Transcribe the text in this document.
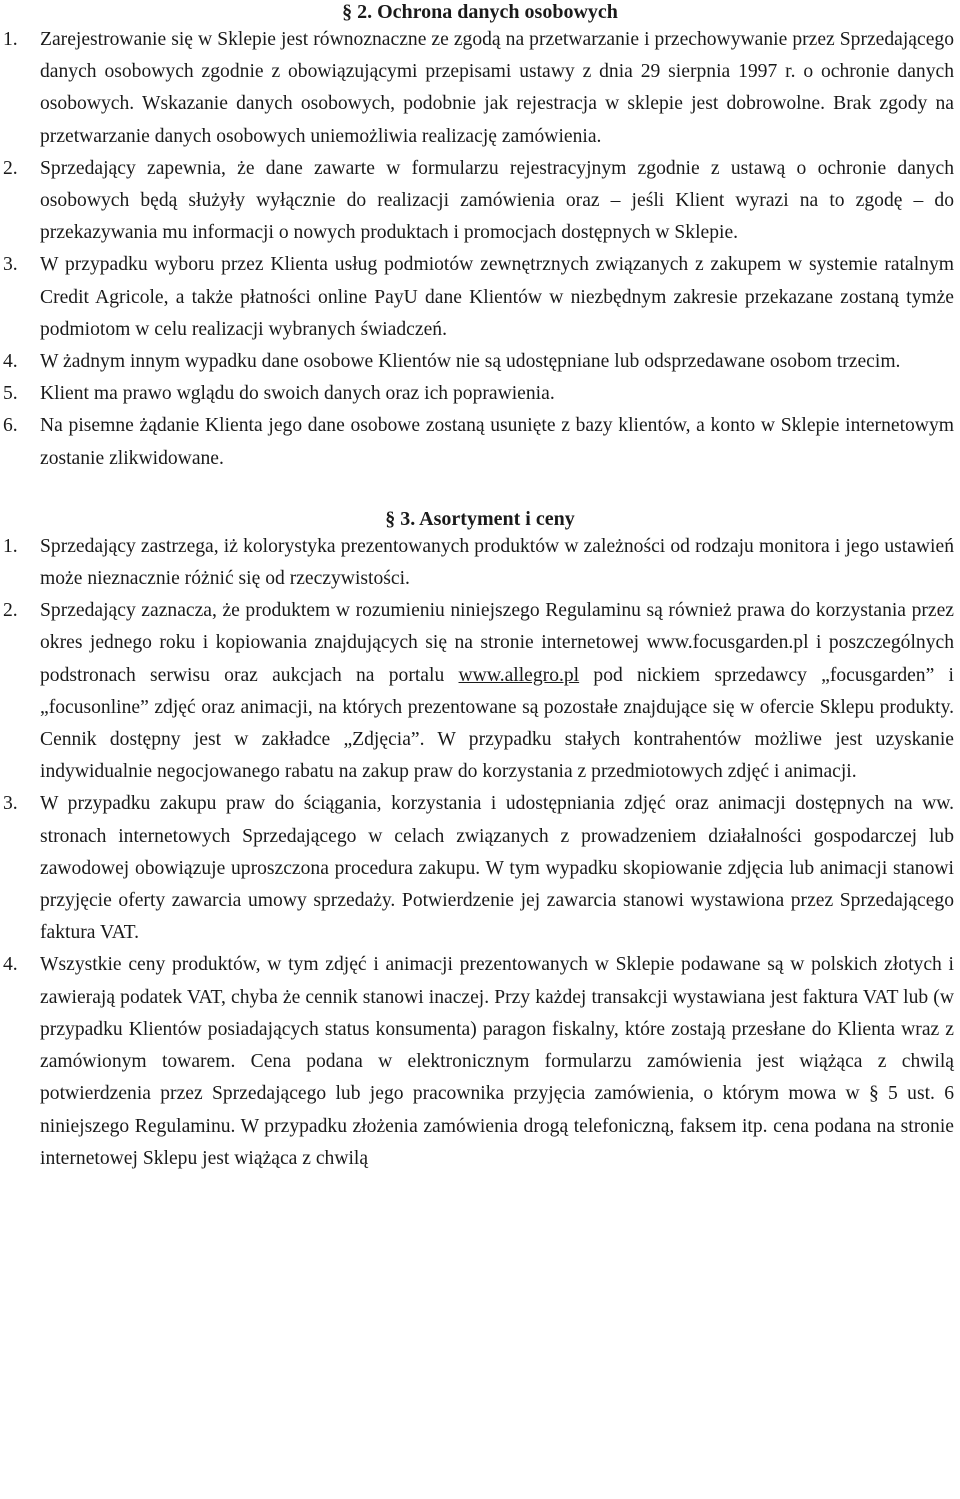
§ 2. Ochrona danych osobowych
1. Zarejestrowanie się w Sklepie jest równoznaczne ze zgodą na przetwarzanie i przechowywanie przez Sprzedającego danych osobowych zgodnie z obowiązującymi przepisami ustawy z dnia 29 sierpnia 1997 r. o ochronie danych osobowych. Wskazanie danych osobowych, podobnie jak rejestracja w sklepie jest dobrowolne. Brak zgody na przetwarzanie danych osobowych uniemożliwia realizację zamówienia.
2. Sprzedający zapewnia, że dane zawarte w formularzu rejestracyjnym zgodnie z ustawą o ochronie danych osobowych będą służyły wyłącznie do realizacji zamówienia oraz – jeśli Klient wyrazi na to zgodę – do przekazywania mu informacji o nowych produktach i promocjach dostępnych w Sklepie.
3. W przypadku wyboru przez Klienta usług podmiotów zewnętrznych związanych z zakupem w systemie ratalnym Credit Agricole, a także płatności online PayU dane Klientów w niezbędnym zakresie przekazane zostaną tymże podmiotom w celu realizacji wybranych świadczeń.
4. W żadnym innym wypadku dane osobowe Klientów nie są udostępniane lub odsprzedawane osobom trzecim.
5. Klient ma prawo wglądu do swoich danych oraz ich poprawienia.
6. Na pisemne żądanie Klienta jego dane osobowe zostaną usunięte z bazy klientów, a konto w Sklepie internetowym zostanie zlikwidowane.
§ 3. Asortyment i ceny
1. Sprzedający zastrzega, iż kolorystyka prezentowanych produktów w zależności od rodzaju monitora i jego ustawień może nieznacznie różnić się od rzeczywistości.
2. Sprzedający zaznacza, że produktem w rozumieniu niniejszego Regulaminu są również prawa do korzystania przez okres jednego roku i kopiowania znajdujących się na stronie internetowej www.focusgarden.pl i poszczególnych podstronach serwisu oraz aukcjach na portalu www.allegro.pl pod nickiem sprzedawcy „focusgarden” i „focusonline” zdjęć oraz animacji, na których prezentowane są pozostałe znajdujące się w ofercie Sklepu produkty. Cennik dostępny jest w zakładce „Zdjęcia”. W przypadku stałych kontrahentów możliwe jest uzyskanie indywidualnie negocjowanego rabatu na zakup praw do korzystania z przedmiotowych zdjęć i animacji.
3. W przypadku zakupu praw do ściągania, korzystania i udostępniania zdjęć oraz animacji dostępnych na ww. stronach internetowych Sprzedającego w celach związanych z prowadzeniem działalności gospodarczej lub zawodowej obowiązuje uproszczona procedura zakupu. W tym wypadku skopiowanie zdjęcia lub animacji stanowi przyjęcie oferty zawarcia umowy sprzedaży. Potwierdzenie jej zawarcia stanowi wystawiona przez Sprzedającego faktura VAT.
4. Wszystkie ceny produktów, w tym zdjęć i animacji prezentowanych w Sklepie podawane są w polskich złotych i zawierają podatek VAT, chyba że cennik stanowi inaczej. Przy każdej transakcji wystawiana jest faktura VAT lub (w przypadku Klientów posiadających status konsumenta) paragon fiskalny, które zostają przesłane do Klienta wraz z zamówionym towarem. Cena podana w elektronicznym formularzu zamówienia jest wiążąca z chwilą potwierdzenia przez Sprzedającego lub jego pracownika przyjęcia zamówienia, o którym mowa w § 5 ust. 6 niniejszego Regulaminu. W przypadku złożenia zamówienia drogą telefoniczną, faksem itp. cena podana na stronie internetowej Sklepu jest wiążąca z chwilą
